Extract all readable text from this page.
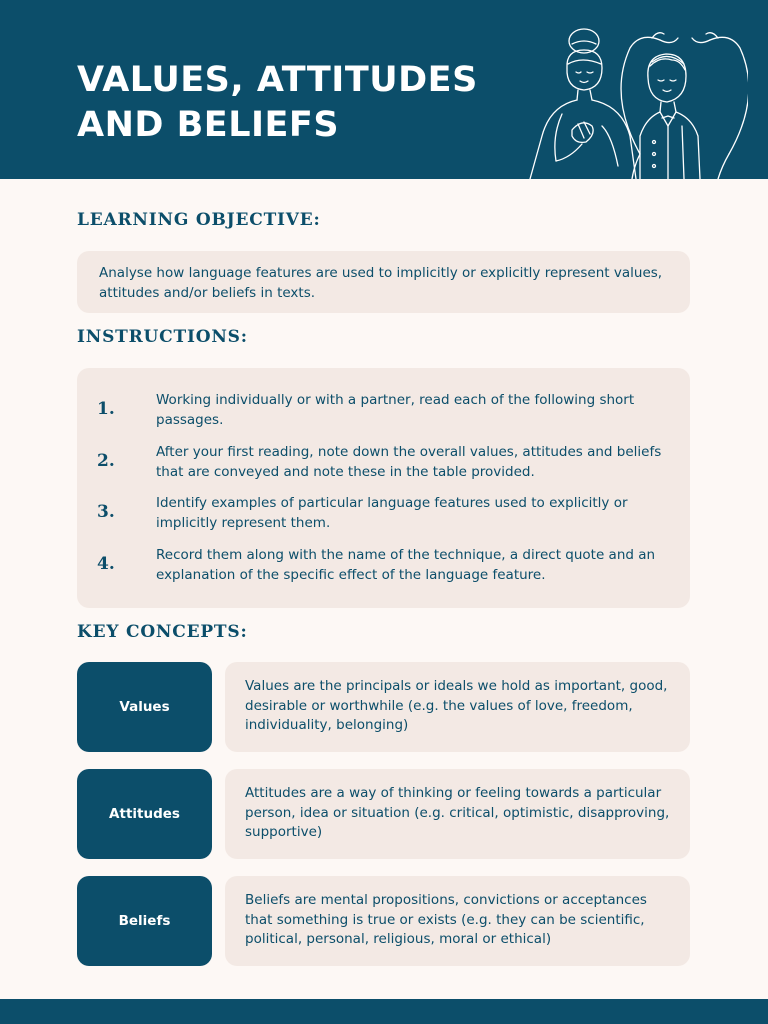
VALUES, ATTITUDES
AND BELIEFS
LEARNING OBJECTIVE:
Analyse how language features are used to implicitly or explicitly represent values, attitudes and/or beliefs in texts.
INSTRUCTIONS:
1.	Working individually or with a partner, read each of the following short passages.
2.	After your first reading, note down the overall values, attitudes and beliefs that are conveyed and note these in the table provided.
3.	Identify examples of particular language features used to explicitly or implicitly represent them.
4.	Record them along with the name of the technique, a direct quote and an explanation of the specific effect of the language feature.
KEY CONCEPTS:
Values
Values are the principals or ideals we hold as important, good, desirable or worthwhile (e.g. the values of love, freedom, individuality, belonging)
Attitudes
Attitudes are a way of thinking or feeling towards a particular person, idea or situation (e.g. critical, optimistic, disapproving, supportive)
Beliefs
Beliefs are mental propositions, convictions or acceptances that something is true or exists (e.g. they can be scientific, political, personal, religious, moral or ethical)
